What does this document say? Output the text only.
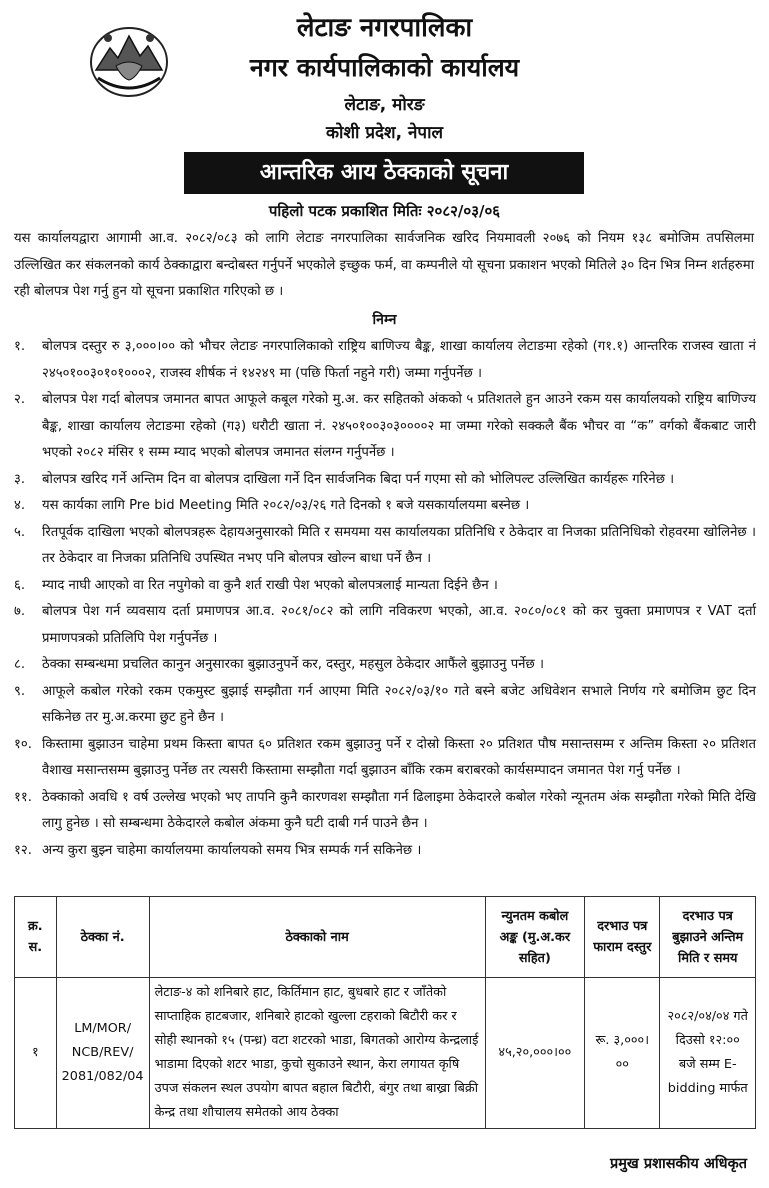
लेटाङ नगरपालिका
नगर कार्यपालिकाको कार्यालय
लेटाङ, मोरङ
कोशी प्रदेश, नेपाल
आन्तरिक आय ठेक्काको सूचना
पहिलो पटक प्रकाशित मितिः २०८२/०३/०६
यस कार्यालयद्वारा आगामी आ.व. २०८२/०८३ को लागि लेटाङ नगरपालिका सार्वजनिक खरिद नियमावली २०७६ को नियम १३८ बमोजिम तपसिलमा उल्लिखित कर संकलनको कार्य ठेक्काद्वारा बन्दोबस्त गर्नुपर्ने भएकोले इच्छुक फर्म, वा कम्पनीले यो सूचना प्रकाशन भएको मितिले ३० दिन भित्र निम्न शर्तहरुमा रही बोलपत्र पेश गर्नु हुन यो सूचना प्रकाशित गरिएको छ ।
निम्न
१.	बोलपत्र दस्तुर रु ३,०००।०० को भौचर लेटाङ नगरपालिकाको राष्ट्रिय बाणिज्य बैङ्क, शाखा कार्यालय लेटाङमा रहेको (ग१.१) आन्तरिक राजस्व खाता नं २४५०१००३०१०१०००२, राजस्व शीर्षक नं १४२४९ मा (पछि फिर्ता नहुने गरी) जम्मा गर्नुपर्नेछ ।
२.	बोलपत्र पेश गर्दा बोलपत्र जमानत बापत आफूले कबूल गरेको मु.अ. कर सहितको अंकको ५ प्रतिशतले हुन आउने रकम यस कार्यालयको राष्ट्रिय बाणिज्य बैङ्क, शाखा कार्यालय लेटाङमा रहेको (ग३) धरौटी खाता नं. २४५०१००३०३००००२ मा जम्मा गरेको सक्कलै बैंक भौचर वा “क” वर्गको बैंकबाट जारी भएको २०८२ मंसिर १ सम्म म्याद भएको बोलपत्र जमानत संलग्न गर्नुपर्नेछ ।
३.	बोलपत्र खरिद गर्ने अन्तिम दिन वा बोलपत्र दाखिला गर्ने दिन सार्वजनिक बिदा पर्न गएमा सो को भोलिपल्ट उल्लिखित कार्यहरू गरिनेछ ।
४.	यस कार्यका लागि Pre bid Meeting मिति २०८२/०३/२६ गते दिनको १ बजे यसकार्यालयमा बस्नेछ ।
५.	रितपूर्वक दाखिला भएको बोलपत्रहरू देहायअनुसारको मिति र समयमा यस कार्यालयका प्रतिनिधि र ठेकेदार वा निजका प्रतिनिधिको रोहवरमा खोलिनेछ । तर ठेकेदार वा निजका प्रतिनिधि उपस्थित नभए पनि बोलपत्र खोल्न बाधा पर्ने छैन ।
६.	म्याद नाघी आएको वा रित नपुगेको वा कुनै शर्त राखी पेश भएको बोलपत्रलाई मान्यता दिईने छैन ।
७.	बोलपत्र पेश गर्न व्यवसाय दर्ता प्रमाणपत्र आ.व. २०८१/०८२ को लागि नविकरण भएको, आ.व. २०८०/०८१ को कर चुक्ता प्रमाणपत्र र VAT दर्ता प्रमाणपत्रको प्रतिलिपि पेश गर्नुपर्नेछ ।
८.	ठेक्का सम्बन्धमा प्रचलित कानुन अनुसारका बुझाउनुपर्ने कर, दस्तुर, महसुल ठेकेदार आफैंले बुझाउनु पर्नेछ ।
९.	आफूले कबोल गरेको रकम एकमुस्ट बुझाई सम्झौता गर्न आएमा मिति २०८२/०३/१० गते बस्ने बजेट अधिवेशन सभाले निर्णय गरे बमोजिम छुट दिन सकिनेछ तर मु.अ.करमा छुट हुने छैन ।
१०. किस्तामा बुझाउन चाहेमा प्रथम किस्ता बापत ६० प्रतिशत रकम बुझाउनु पर्ने र दोस्रो किस्ता २० प्रतिशत पौष मसान्तसम्म र अन्तिम किस्ता २० प्रतिशत वैशाख मसान्तसम्म बुझाउनु पर्नेछ तर त्यसरी किस्तामा सम्झौता गर्दा बुझाउन बाँकि रकम बराबरको कार्यसम्पादन जमानत पेश गर्नु पर्नेछ ।
११. ठेक्काको अवधि १ वर्ष उल्लेख भएको भए तापनि कुनै कारणवश सम्झौता गर्न ढिलाइमा ठेकेदारले कबोल गरेको न्यूनतम अंक सम्झौता गरेको मिति देखि लागु हुनेछ । सो सम्बन्धमा ठेकेदारले कबोल अंकमा कुनै घटी दाबी गर्न पाउने छैन ।
१२. अन्य कुरा बुझ्न चाहेमा कार्यालयमा कार्यालयको समय भित्र सम्पर्क गर्न सकिनेछ ।
क्र. स.	ठेक्का नं.	ठेक्काको नाम	न्युनतम कबोल अङ्क (मु.अ.कर सहित)	दरभाउ पत्र फाराम दस्तुर	दरभाउ पत्र बुझाउने अन्तिम मिति र समय
१	LM/MOR/ NCB/REV/ 2081/082/04	लेटाङ-४ को शनिबारे हाट, किर्तिमान हाट, बुधबारे हाट र जाँतेको साप्ताहिक हाटबजार, शनिबारे हाटको खुल्ला टहराको बिटौरी कर र सोही स्थानको १५ (पन्ध्र) वटा शटरको भाडा, बिगतको आरोग्य केन्द्रलाई भाडामा दिएको शटर भाडा, कुचो सुकाउने स्थान, केरा लगायत कृषि उपज संकलन स्थल उपयोग बापत बहाल बिटौरी, बंगुर तथा बाख्रा बिक्री केन्द्र तथा शौचालय समेतको आय ठेक्का	४५,२०,०००।००	रू. ३,०००।००	२०८२/०४/०४ गते दिउसो १२:०० बजे सम्म E-bidding मार्फत
प्रमुख प्रशासकीय अधिकृत
